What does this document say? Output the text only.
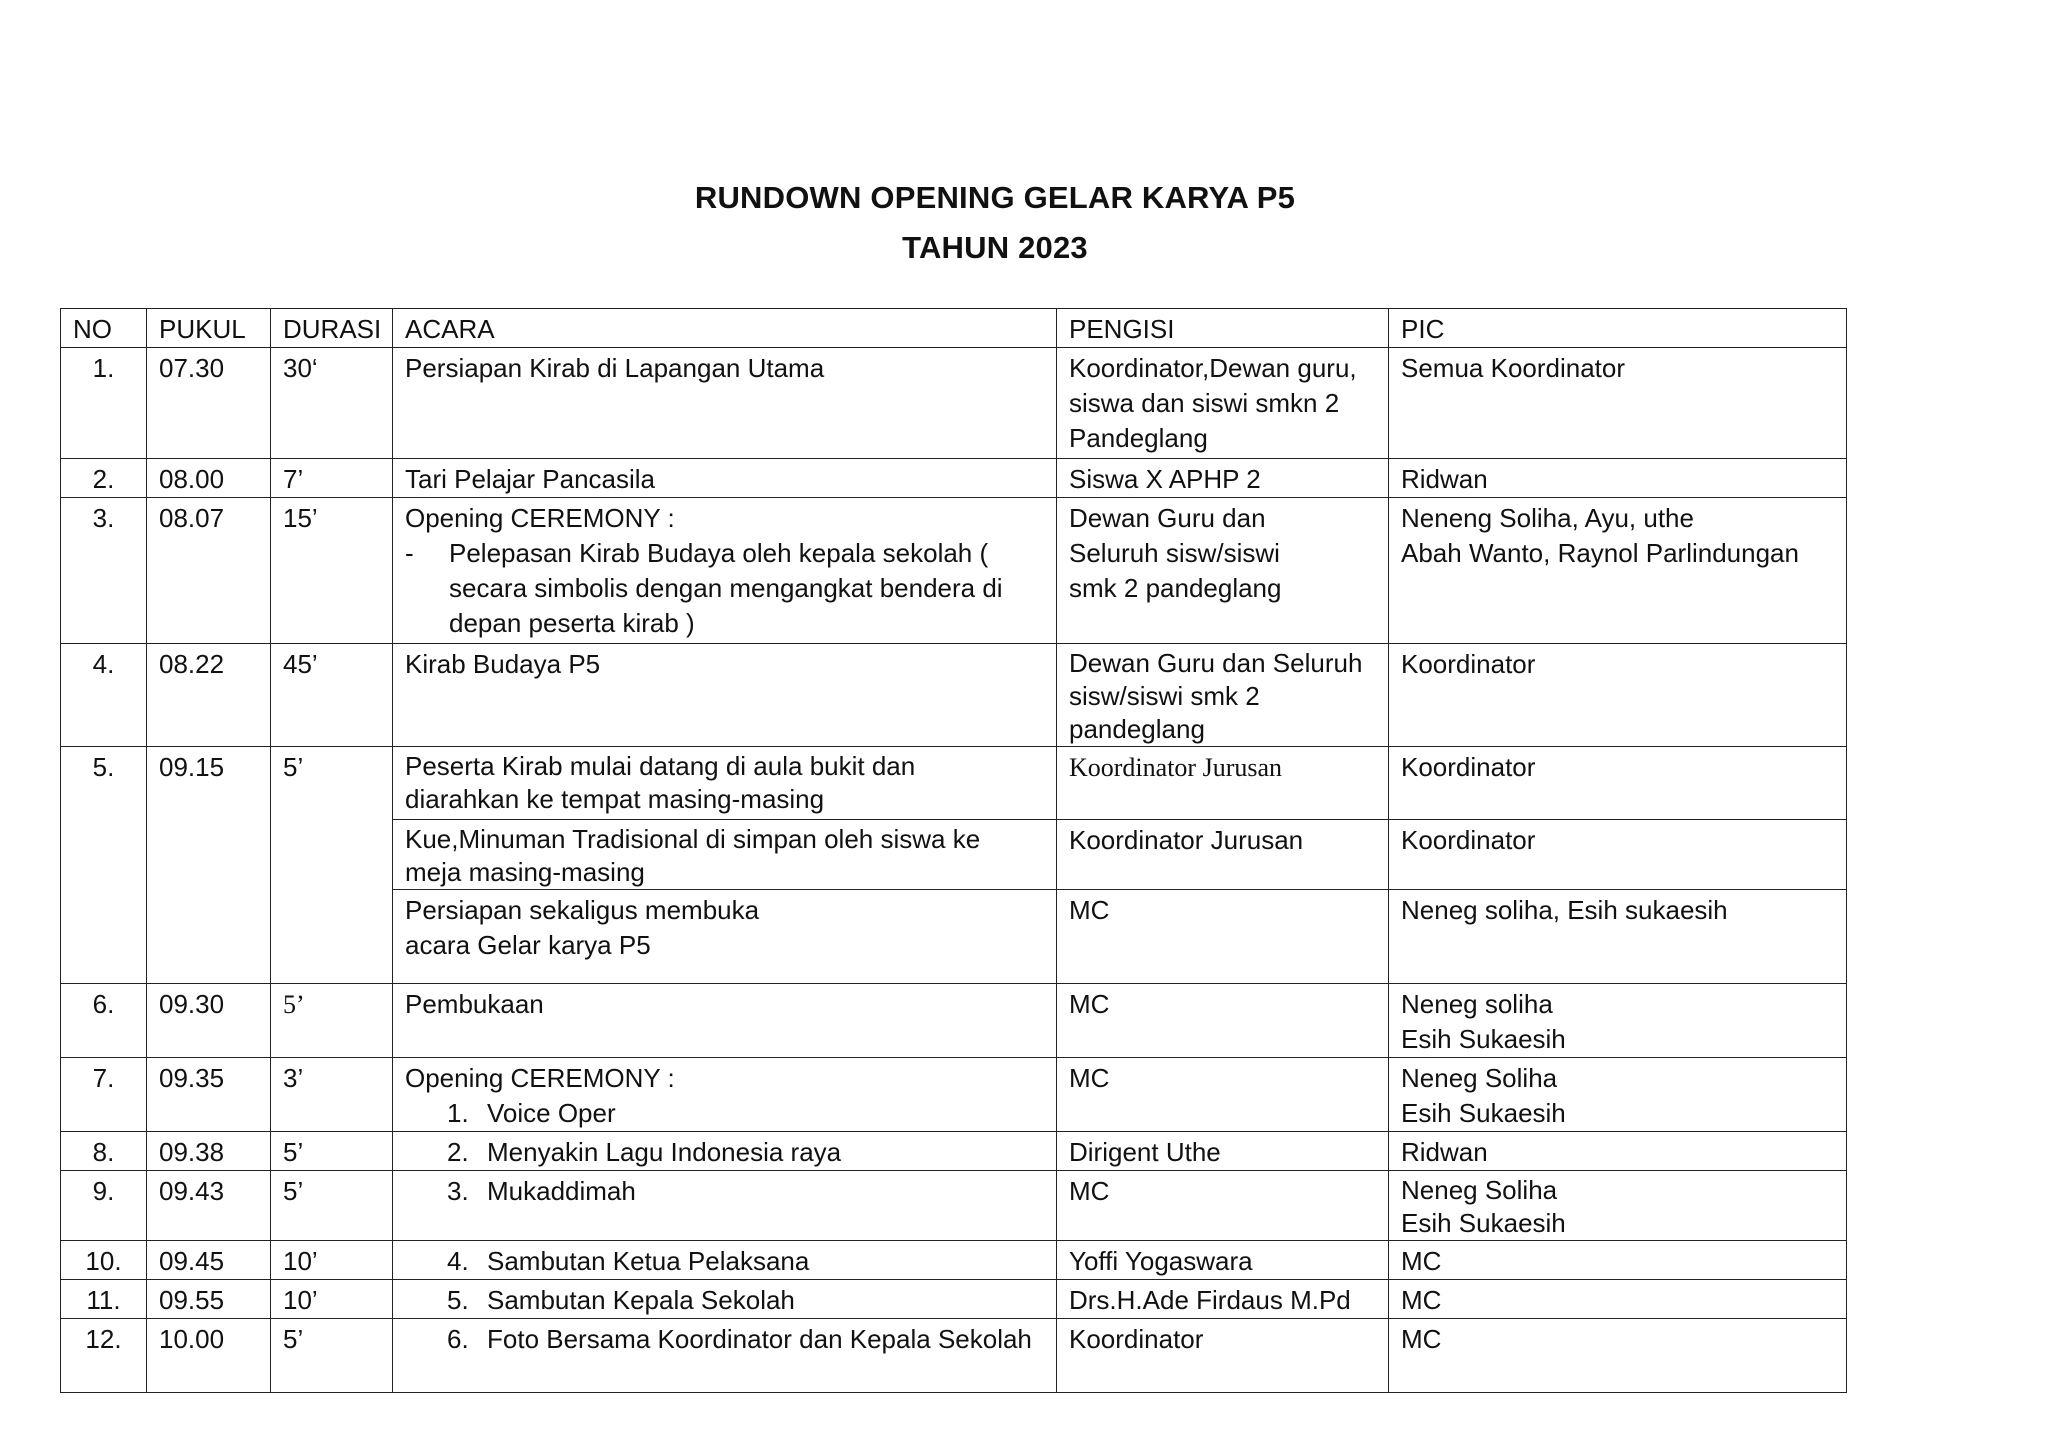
RUNDOWN OPENING GELAR KARYA P5
TAHUN 2023
NO	PUKUL	DURASI	ACARA	PENGISI	PIC
1.	07.30	30‘	Persiapan Kirab di Lapangan Utama	Koordinator,Dewan guru,
siswa dan siswi smkn 2
Pandeglang	Semua Koordinator

2.	08.00	7’	Tari Pelajar Pancasila	Siswa X APHP 2	Ridwan
3.	08.07	15’	Opening CEREMONY :
- Pelepasan Kirab Budaya oleh kepala sekolah (
secara simbolis dengan mengangkat bendera di
depan peserta kirab )	Dewan Guru dan
Seluruh sisw/siswi
smk 2 pandeglang	Neneng Soliha, Ayu, uthe
Abah Wanto, Raynol Parlindungan

4.	08.22	45’	Kirab Budaya P5	Dewan Guru dan Seluruh
sisw/siswi smk 2
pandeglang	Koordinator
5.	09.15	5’	Peserta Kirab mulai datang di aula bukit dan
diarahkan ke tempat masing-masing	Koordinator Jurusan	Koordinator

			Kue,Minuman Tradisional di simpan oleh siswa ke
meja masing-masing	Koordinator Jurusan	Koordinator

			Persiapan sekaligus membuka
acara Gelar karya P5	MC	Neneg soliha, Esih sukaesih
6.	09.30	5’	Pembukaan	MC	Neneg soliha
Esih Sukaesih

7.	09.35	3’	Opening CEREMONY :
1. Voice Oper	MC	Neneg Soliha
Esih Sukaesih

8.	09.38	5’	2. Menyakin Lagu Indonesia raya	Dirigent Uthe	Ridwan
9.	09.43	5’	3. Mukaddimah	MC	Neneg Soliha
Esih Sukaesih

10.	09.45	10’	4. Sambutan Ketua Pelaksana	Yoffi Yogaswara	MC
11.	09.55	10’	5. Sambutan Kepala Sekolah	Drs.H.Ade Firdaus M.Pd	MC
12.	10.00	5’	6. Foto Bersama Koordinator dan Kepala Sekolah	Koordinator	MC
